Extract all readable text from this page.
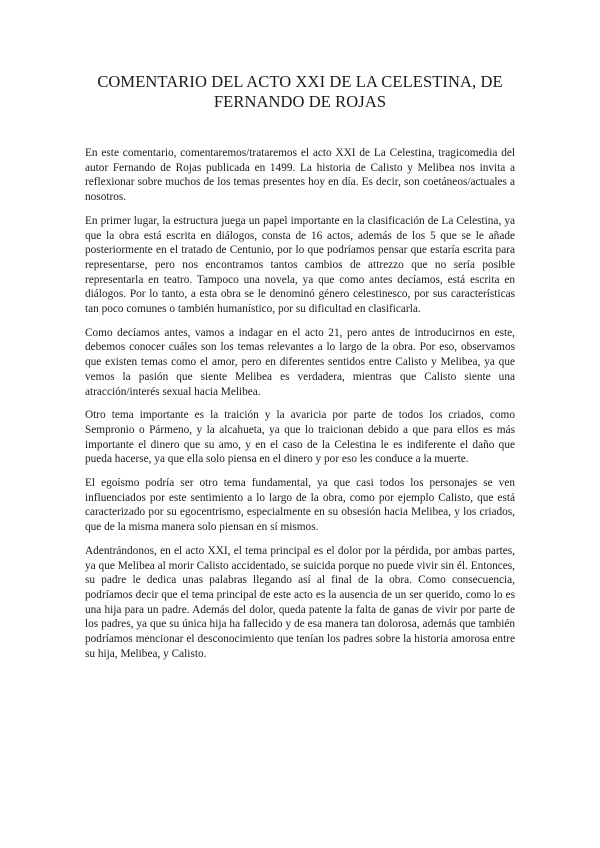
COMENTARIO DEL ACTO XXI DE LA CELESTINA, DE
FERNANDO DE ROJAS

En este comentario, comentaremos/trataremos el acto XXI de La Celestina, tragicomedia del autor Fernando de Rojas publicada en 1499. La historia de Calisto y Melibea nos invita a reflexionar sobre muchos de los temas presentes hoy en día. Es decir, son coetáneos/actuales a nosotros.

En primer lugar, la estructura juega un papel importante en la clasificación de La Celestina, ya que la obra está escrita en diálogos, consta de 16 actos, además de los 5 que se le añade posteriormente en el tratado de Centunio, por lo que podríamos pensar que estaría escrita para representarse, pero nos encontramos tantos cambios de attrezzo que no sería posible representarla en teatro. Tampoco una novela, ya que como antes decíamos, está escrita en diálogos. Por lo tanto, a esta obra se le denominó género celestinesco, por sus características tan poco comunes o también humanístico, por su dificultad en clasificarla.

Como decíamos antes, vamos a indagar en el acto 21, pero antes de introducirnos en este, debemos conocer cuáles son los temas relevantes a lo largo de la obra. Por eso, observamos que existen temas como el amor, pero en diferentes sentidos entre Calisto y Melibea, ya que vemos la pasión que siente Melibea es verdadera, mientras que Calisto siente una atracción/interés sexual hacia Melibea.

Otro tema importante es la traición y la avaricia por parte de todos los criados, como Sempronio o Pármeno, y la alcahueta, ya que lo traicionan debido a que para ellos es más importante el dinero que su amo, y en el caso de la Celestina le es indiferente el daño que pueda hacerse, ya que ella solo piensa en el dinero y por eso les conduce a la muerte.

El egoísmo podría ser otro tema fundamental, ya que casi todos los personajes se ven influenciados por este sentimiento a lo largo de la obra, como por ejemplo Calisto, que está caracterizado por su egocentrismo, especialmente en su obsesión hacia Melibea, y los criados, que de la misma manera solo piensan en sí mismos.

Adentrándonos, en el acto XXI, el tema principal es el dolor por la pérdida, por ambas partes, ya que Melibea al morir Calisto accidentado, se suicida porque no puede vivir sin él. Entonces, su padre le dedica unas palabras llegando así al final de la obra. Como consecuencia, podríamos decir que el tema principal de este acto es la ausencia de un ser querido, como lo es una hija para un padre. Además del dolor, queda patente la falta de ganas de vivir por parte de los padres, ya que su única hija ha fallecido y de esa manera tan dolorosa, además que también podríamos mencionar el desconocimiento que tenían los padres sobre la historia amorosa entre su hija, Melibea, y Calisto.
